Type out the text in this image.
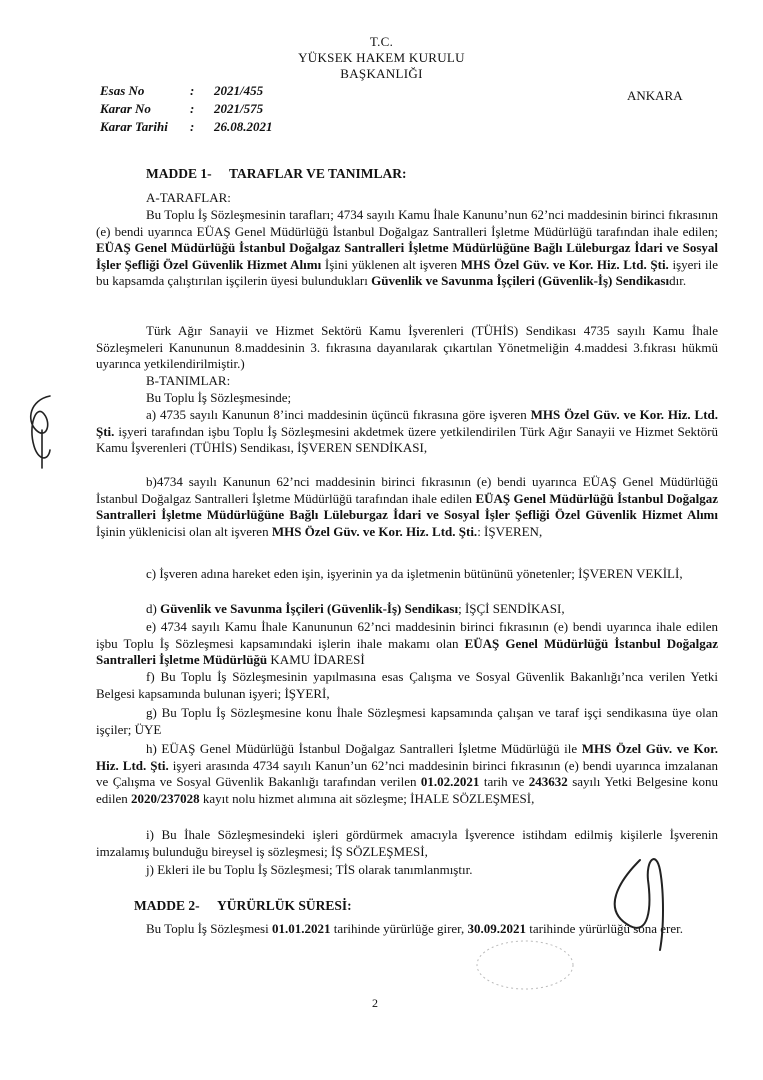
T.C.
YÜKSEK HAKEM KURULU
BAŞKANLIĞI
Esas No	:	2021/455
Karar No	:	2021/575
Karar Tarihi	:	26.08.2021
ANKARA
MADDE 1- TARAFLAR VE TANIMLAR:
A-TARAFLAR:
Bu Toplu İş Sözleşmesinin tarafları; 4734 sayılı Kamu İhale Kanunu’nun 62’nci maddesinin birinci fıkrasının (e) bendi uyarınca EÜAŞ Genel Müdürlüğü İstanbul Doğalgaz Santralleri İşletme Müdürlüğü tarafından ihale edilen; EÜAŞ Genel Müdürlüğü İstanbul Doğalgaz Santralleri İşletme Müdürlüğüne Bağlı Lüleburgaz İdari ve Sosyal İşler Şefliği Özel Güvenlik Hizmet Alımı İşini yüklenen alt işveren MHS Özel Güv. ve Kor. Hiz. Ltd. Şti. işyeri ile bu kapsamda çalıştırılan işçilerin üyesi bulundukları Güvenlik ve Savunma İşçileri (Güvenlik-İş) Sendikasıdır.
Türk Ağır Sanayii ve Hizmet Sektörü Kamu İşverenleri (TÜHİS) Sendikası 4735 sayılı Kamu İhale Sözleşmeleri Kanununun 8.maddesinin 3. fıkrasına dayanılarak çıkartılan Yönetmeliğin 4.maddesi 3.fıkrası hükmü uyarınca yetkilendirilmiştir.)
B-TANIMLAR:
Bu Toplu İş Sözleşmesinde;
a) 4735 sayılı Kanunun 8’inci maddesinin üçüncü fıkrasına göre işveren MHS Özel Güv. ve Kor. Hiz. Ltd. Şti. işyeri tarafından işbu Toplu İş Sözleşmesini akdetmek üzere yetkilendirilen Türk Ağır Sanayii ve Hizmet Sektörü Kamu İşverenleri (TÜHİS) Sendikası, İŞVEREN SENDİKASI,
b)4734 sayılı Kanunun 62’nci maddesinin birinci fıkrasının (e) bendi uyarınca EÜAŞ Genel Müdürlüğü İstanbul Doğalgaz Santralleri İşletme Müdürlüğü tarafından ihale edilen EÜAŞ Genel Müdürlüğü İstanbul Doğalgaz Santralleri İşletme Müdürlüğüne Bağlı Lüleburgaz İdari ve Sosyal İşler Şefliği Özel Güvenlik Hizmet Alımı İşinin yüklenicisi olan alt işveren MHS Özel Güv. ve Kor. Hiz. Ltd. Şti.: İŞVEREN,
c) İşveren adına hareket eden işin, işyerinin ya da işletmenin bütününü yönetenler; İŞVEREN VEKİLİ,
d) Güvenlik ve Savunma İşçileri (Güvenlik-İş) Sendikası; İŞÇİ SENDİKASI,
e) 4734 sayılı Kamu İhale Kanununun 62’nci maddesinin birinci fıkrasının (e) bendi uyarınca ihale edilen işbu Toplu İş Sözleşmesi kapsamındaki işlerin ihale makamı olan EÜAŞ Genel Müdürlüğü İstanbul Doğalgaz Santralleri İşletme Müdürlüğü KAMU İDARESİ
f) Bu Toplu İş Sözleşmesinin yapılmasına esas Çalışma ve Sosyal Güvenlik Bakanlığı’nca verilen Yetki Belgesi kapsamında bulunan işyeri; İŞYERİ,
g) Bu Toplu İş Sözleşmesine konu İhale Sözleşmesi kapsamında çalışan ve taraf işçi sendikasına üye olan işçiler; ÜYE
h) EÜAŞ Genel Müdürlüğü İstanbul Doğalgaz Santralleri İşletme Müdürlüğü ile MHS Özel Güv. ve Kor. Hiz. Ltd. Şti. işyeri arasında 4734 sayılı Kanun’un 62’nci maddesinin birinci fıkrasının (e) bendi uyarınca imzalanan ve Çalışma ve Sosyal Güvenlik Bakanlığı tarafından verilen 01.02.2021 tarih ve 243632 sayılı Yetki Belgesine konu edilen 2020/237028 kayıt nolu hizmet alımına ait sözleşme; İHALE SÖZLEŞMESİ,
i) Bu İhale Sözleşmesindeki işleri gördürmek amacıyla İşverence istihdam edilmiş kişilerle İşverenin imzalamış bulunduğu bireysel iş sözleşmesi; İŞ SÖZLEŞMESİ,
j) Ekleri ile bu Toplu İş Sözleşmesi; TİS olarak tanımlanmıştır.
MADDE 2- YÜRÜRLÜK SÜRESİ:
Bu Toplu İş Sözleşmesi 01.01.2021 tarihinde yürürlüğe girer, 30.09.2021 tarihinde yürürlüğü sona erer.
2
